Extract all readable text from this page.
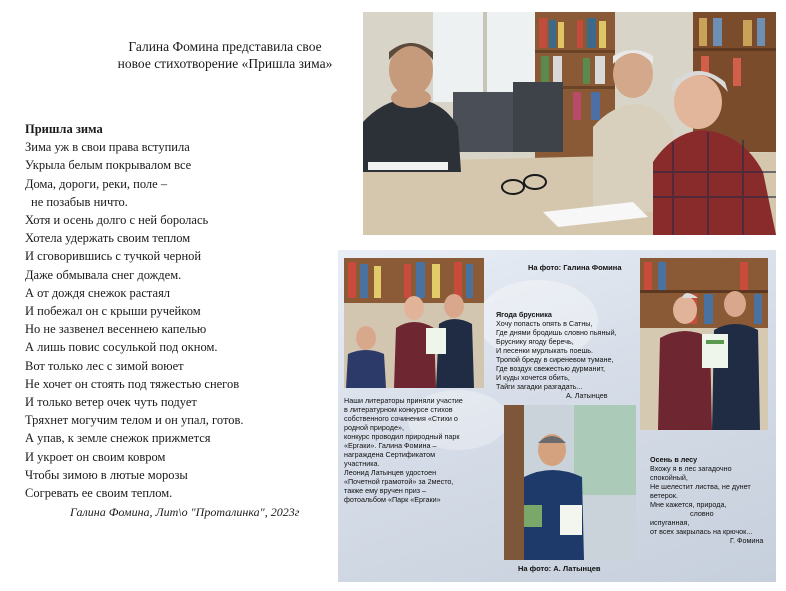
Галина Фомина представила свое
новое стихотворение «Пришла зима»
Пришла зима
Зима уж в свои права вступила
Укрыла белым покрывалом все
Дома, дороги, реки, поле –
не позабыв ничто.
Хотя и осень долго с ней боролась
Хотела удержать своим теплом
И сговорившись с тучкой черной
Даже обмывала снег дождем.
А от дождя снежок растаял
И побежал он с крыши ручейком
Но не зазвенел весеннею капелью
А лишь повис сосулькой под окном.
Вот только лес с зимой воюет
Не хочет он стоять под тяжестью снегов
И только ветер очек чуть подует
Тряхнет могучим телом и он упал, готов.
А упав, к земле снежок прижмется
И укроет он своим ковром
Чтобы зимою в лютые морозы
Согревать ее своим теплом.
Галина Фомина, Лит\о "Проталинка", 2023г
На фото: Галина Фомина
Ягода брусника
Хочу попасть опять в Сатны,
Где днями бродишь словно пьяный,
Бруснику ягоду беречь,
И песенки мурлыкать поешь.
Тропой бреду в сиреневом тумане,
Где воздух свежестью дурманит,
И куды хочется обить,
Тайги загадки разгадать...
А. Латынцев
Наши литераторы приняли участие
в литературном конкурсе стихов
собственного сочинения «Стихи о
родной природе»,
конкурс проводил природный парк
«Ергаки». Галина Фомина –
награждена Сертификатом
участника.
Леонид Латынцев удостоен
«Почетной грамотой» за 2место,
также ему вручен приз –
фотоальбом «Парк «Ергаки»
Осень в лесу
Вхожу я в лес загадочно
спокойный,
Не шелестит листва, не дунет
ветерок.
Мне кажется, природа,
словно
испуганная,
от всех закрылась на крючок...
Г. Фомина
На фото: А. Латынцев
